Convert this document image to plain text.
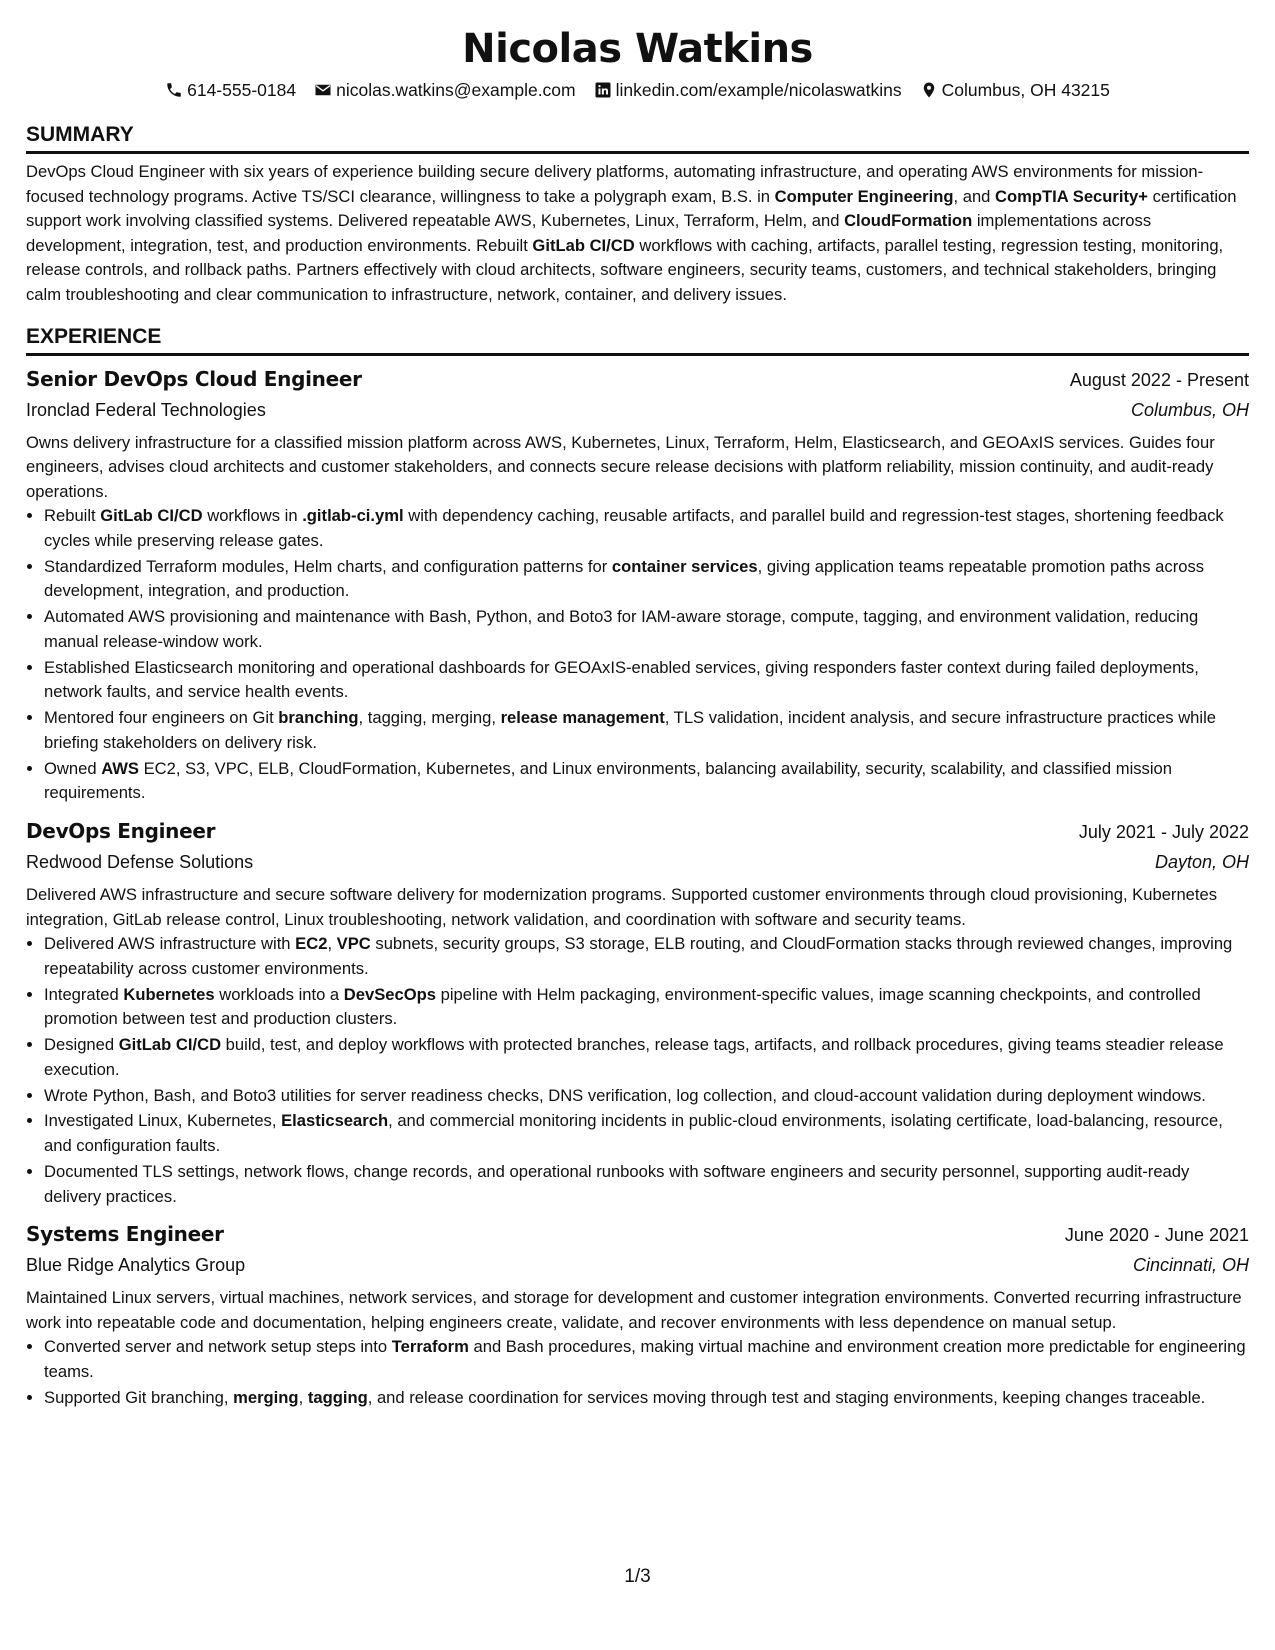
Nicolas Watkins
614-555-0184 nicolas.watkins@example.com linkedin.com/example/nicolaswatkins Columbus, OH 43215
SUMMARY
DevOps Cloud Engineer with six years of experience building secure delivery platforms, automating infrastructure, and operating AWS environments for mission-focused technology programs. Active TS/SCI clearance, willingness to take a polygraph exam, B.S. in Computer Engineering, and CompTIA Security+ certification support work involving classified systems. Delivered repeatable AWS, Kubernetes, Linux, Terraform, Helm, and CloudFormation implementations across development, integration, test, and production environments. Rebuilt GitLab CI/CD workflows with caching, artifacts, parallel testing, regression testing, monitoring, release controls, and rollback paths. Partners effectively with cloud architects, software engineers, security teams, customers, and technical stakeholders, bringing calm troubleshooting and clear communication to infrastructure, network, container, and delivery issues.
EXPERIENCE
Senior DevOps Cloud Engineer	August 2022 - Present
Ironclad Federal Technologies	Columbus, OH
Owns delivery infrastructure for a classified mission platform across AWS, Kubernetes, Linux, Terraform, Helm, Elasticsearch, and GEOAxIS services. Guides four engineers, advises cloud architects and customer stakeholders, and connects secure release decisions with platform reliability, mission continuity, and audit-ready operations.
• Rebuilt GitLab CI/CD workflows in .gitlab-ci.yml with dependency caching, reusable artifacts, and parallel build and regression-test stages, shortening feedback cycles while preserving release gates.
• Standardized Terraform modules, Helm charts, and configuration patterns for container services, giving application teams repeatable promotion paths across development, integration, and production.
• Automated AWS provisioning and maintenance with Bash, Python, and Boto3 for IAM-aware storage, compute, tagging, and environment validation, reducing manual release-window work.
• Established Elasticsearch monitoring and operational dashboards for GEOAxIS-enabled services, giving responders faster context during failed deployments, network faults, and service health events.
• Mentored four engineers on Git branching, tagging, merging, release management, TLS validation, incident analysis, and secure infrastructure practices while briefing stakeholders on delivery risk.
• Owned AWS EC2, S3, VPC, ELB, CloudFormation, Kubernetes, and Linux environments, balancing availability, security, scalability, and classified mission requirements.
DevOps Engineer	July 2021 - July 2022
Redwood Defense Solutions	Dayton, OH
Delivered AWS infrastructure and secure software delivery for modernization programs. Supported customer environments through cloud provisioning, Kubernetes integration, GitLab release control, Linux troubleshooting, network validation, and coordination with software and security teams.
• Delivered AWS infrastructure with EC2, VPC subnets, security groups, S3 storage, ELB routing, and CloudFormation stacks through reviewed changes, improving repeatability across customer environments.
• Integrated Kubernetes workloads into a DevSecOps pipeline with Helm packaging, environment-specific values, image scanning checkpoints, and controlled promotion between test and production clusters.
• Designed GitLab CI/CD build, test, and deploy workflows with protected branches, release tags, artifacts, and rollback procedures, giving teams steadier release execution.
• Wrote Python, Bash, and Boto3 utilities for server readiness checks, DNS verification, log collection, and cloud-account validation during deployment windows.
• Investigated Linux, Kubernetes, Elasticsearch, and commercial monitoring incidents in public-cloud environments, isolating certificate, load-balancing, resource, and configuration faults.
• Documented TLS settings, network flows, change records, and operational runbooks with software engineers and security personnel, supporting audit-ready delivery practices.
Systems Engineer	June 2020 - June 2021
Blue Ridge Analytics Group	Cincinnati, OH
Maintained Linux servers, virtual machines, network services, and storage for development and customer integration environments. Converted recurring infrastructure work into repeatable code and documentation, helping engineers create, validate, and recover environments with less dependence on manual setup.
• Converted server and network setup steps into Terraform and Bash procedures, making virtual machine and environment creation more predictable for engineering teams.
• Supported Git branching, merging, tagging, and release coordination for services moving through test and staging environments, keeping changes traceable.
1/3
